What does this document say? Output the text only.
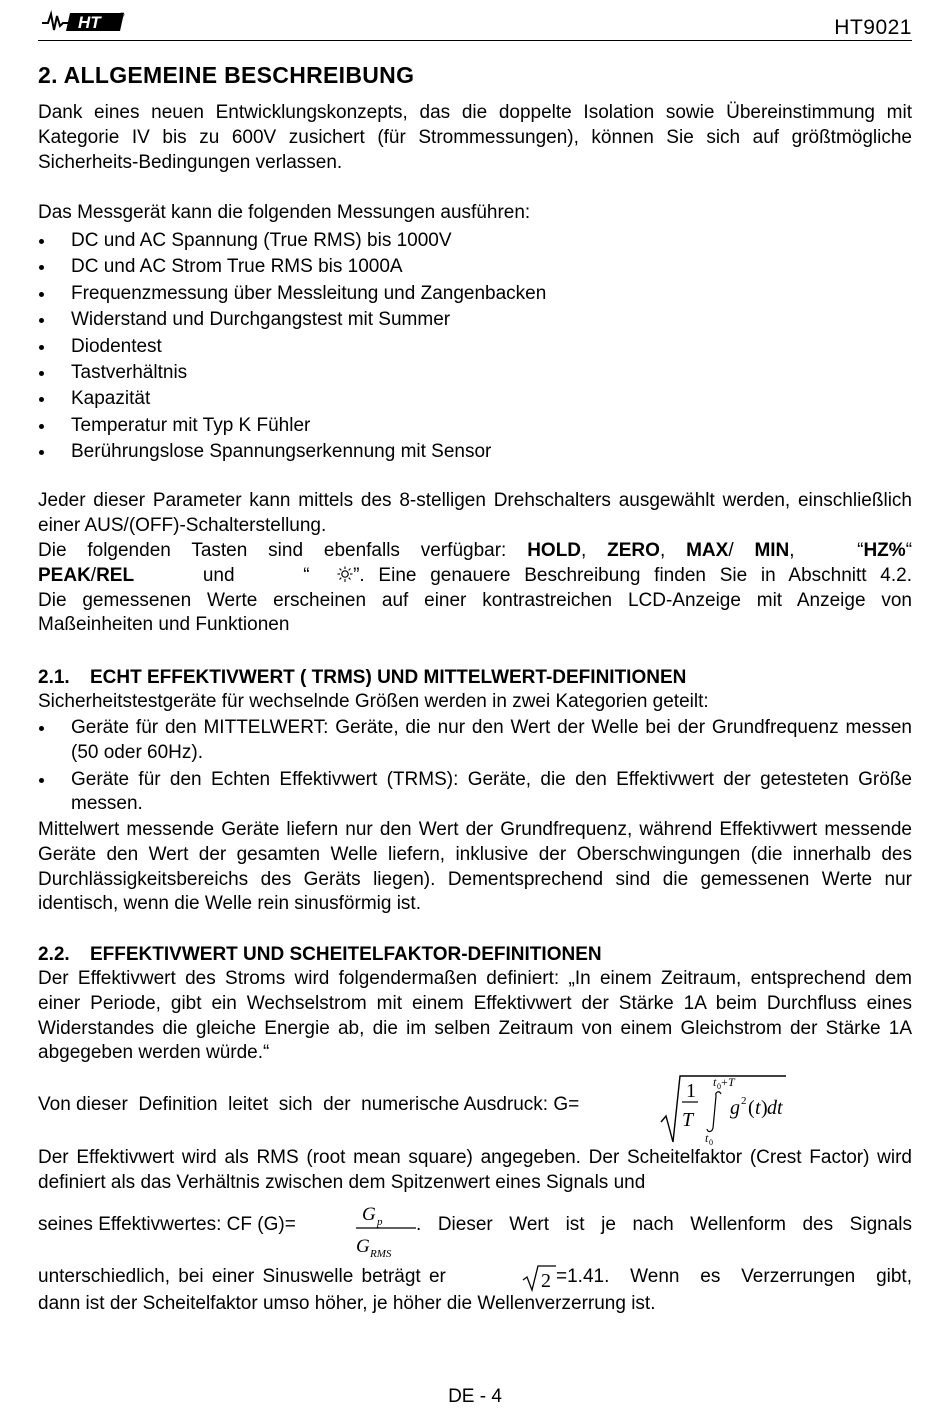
HT	®	HT9021
2. ALLGEMEINE BESCHREIBUNG

Dank eines neuen Entwicklungskonzepts, das die doppelte Isolation sowie Übereinstimmung mit Kategorie IV bis zu 600V zusichert (für Strommessungen), können Sie sich auf größtmögliche Sicherheits-Bedingungen verlassen.

Das Messgerät kann die folgenden Messungen ausführen:

DC und AC Spannung (True RMS) bis 1000V
DC und AC Strom True RMS bis 1000A
Frequenzmessung über Messleitung und Zangenbacken
Widerstand und Durchgangstest mit Summer
Diodentest
Tastverhältnis
Kapazität
Temperatur mit Typ K Fühler
Berührungslose Spannungserkennung mit Sensor

Jeder dieser Parameter kann mittels des 8-stelligen Drehschalters ausgewählt werden, einschließlich einer AUS/(OFF)-Schalterstellung.

Die folgenden Tasten sind ebenfalls verfügbar: HOLD, ZERO, MAX/ MIN,   “HZ%“
PEAK/REL	und     “  ”. Eine genauere Beschreibung finden Sie in Abschnitt 4.2.
Die gemessenen Werte erscheinen auf einer kontrastreichen LCD-Anzeige mit Anzeige von Maßeinheiten und Funktionen

2.1. ECHT EFFEKTIVWERT ( TRMS) UND MITTELWERT-DEFINITIONEN

Sicherheitstestgeräte für wechselnde Größen werden in zwei Kategorien geteilt:

Geräte für den MITTELWERT: Geräte, die nur den Wert der Welle bei der Grundfrequenz messen (50 oder 60Hz).
Geräte für den Echten Effektivwert (TRMS): Geräte, die den Effektivwert der getesteten Größe messen.

Mittelwert messende Geräte liefern nur den Wert der Grundfrequenz, während Effektivwert messende Geräte den Wert der gesamten Welle liefern, inklusive der Oberschwingungen (die innerhalb des Durchlässigkeitsbereichs des Geräts liegen). Dementsprechend sind die gemessenen Werte nur identisch, wenn die Welle rein sinusförmig ist.

2.2. EFFEKTIVWERT UND SCHEITELFAKTOR-DEFINITIONEN

Der Effektivwert des Stroms wird folgendermaßen definiert: „In einem Zeitraum, entsprechend dem einer Periode, gibt ein Wechselstrom mit einem Effektivwert der Stärke 1A beim Durchfluss eines Widerstandes die gleiche Energie ab, die im selben Zeitraum von einem Gleichstrom der Stärke 1A abgegeben werden würde.“

Von dieser  Definition  leitet  sich  der  numerische Ausdruck: G=
1
T
t 0 + T
g 2 ( t ) dt
t 0

Der Effektivwert wird als RMS (root mean square) angegeben. Der Scheitelfaktor (Crest Factor) wird definiert als das Verhältnis zwischen dem Spitzenwert eines Signals und

seines Effektivwertes: CF (G)=	G p
G RMS
. Dieser Wert ist je nach Wellenform des Signals
unterschiedlich, bei einer Sinuswelle beträgt er	2 =1.41. Wenn es Verzerrungen gibt,

dann ist der Scheitelfaktor umso höher, je höher die Wellenverzerrung ist.

DE - 4
